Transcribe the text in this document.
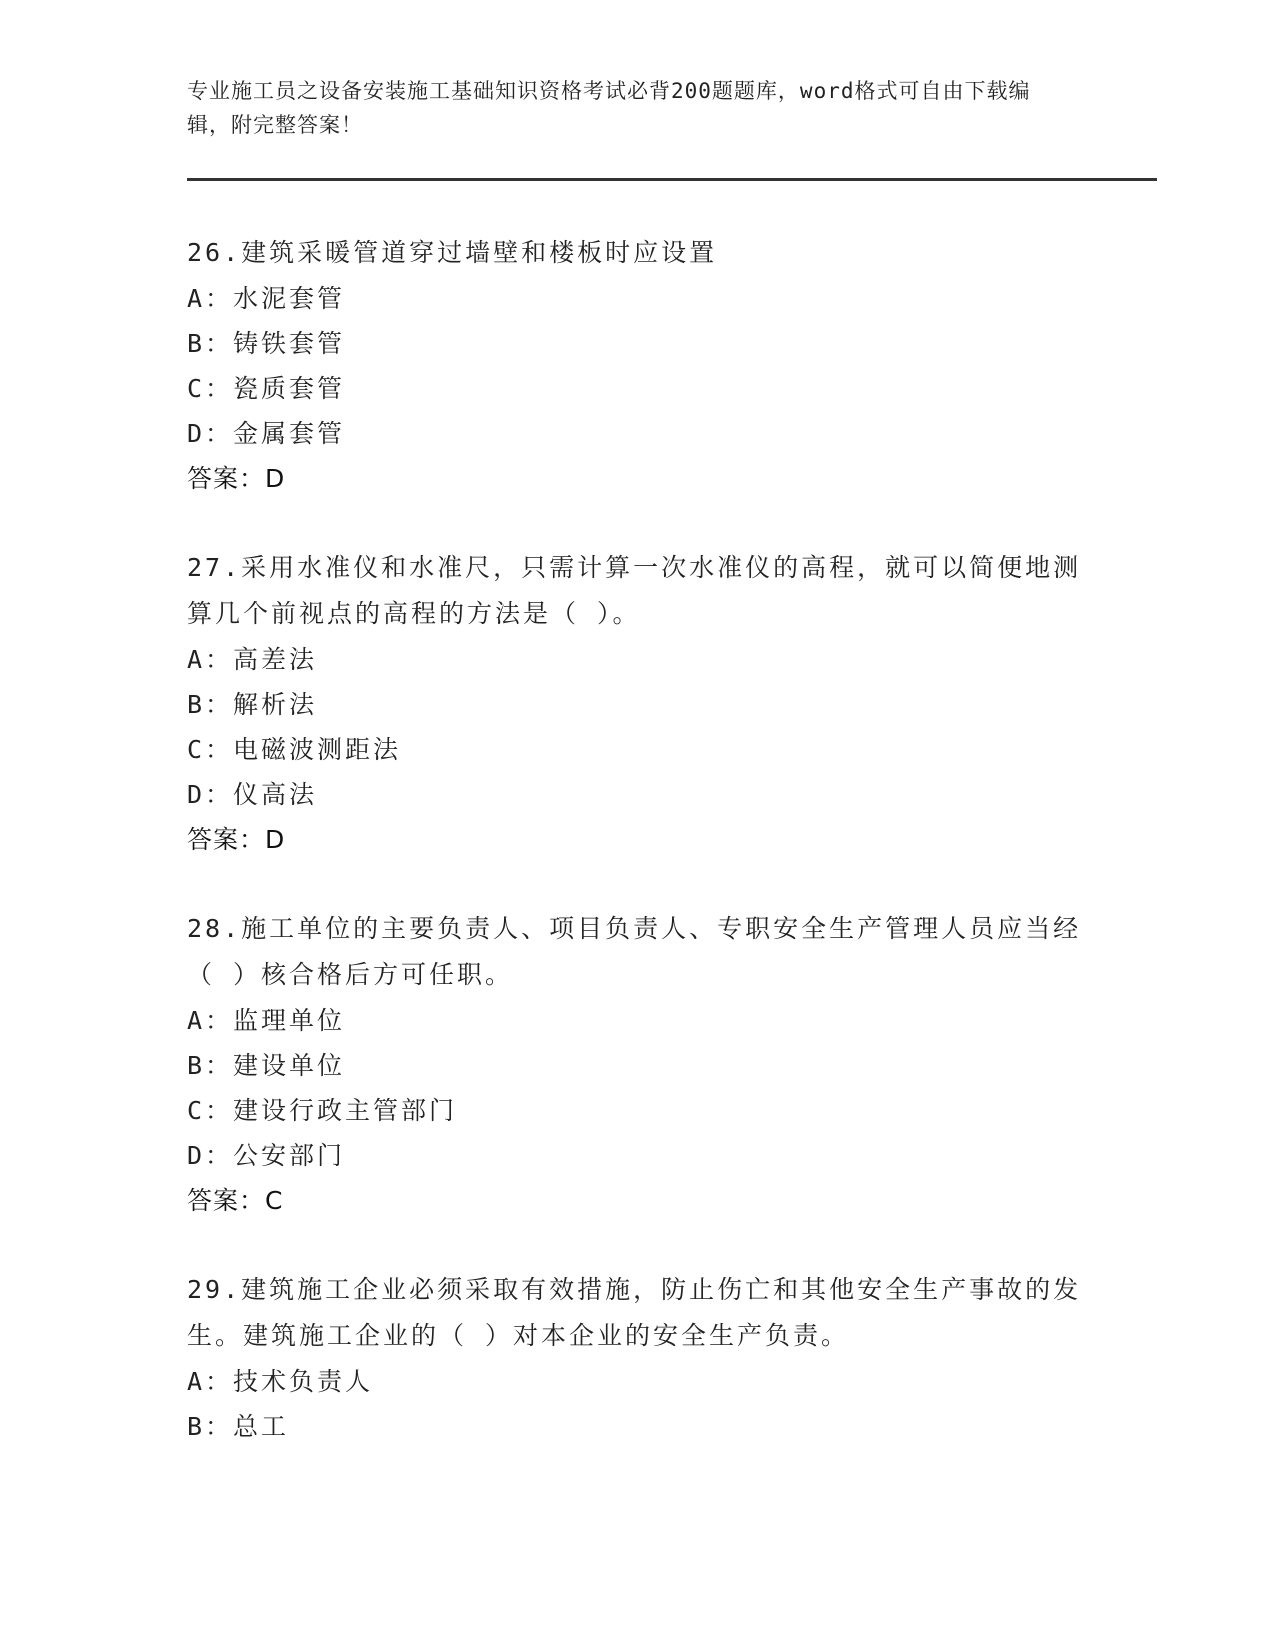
专业施工员之设备安装施工基础知识资格考试必背200题题库，word格式可自由下载编辑，附完整答案！
26.建筑采暖管道穿过墙壁和楼板时应设置
A：水泥套管
B：铸铁套管
C：瓷质套管
D：金属套管
答案：D
27.采用水准仪和水准尺，只需计算一次水准仪的高程，就可以简便地测算几个前视点的高程的方法是（ ）。
A：高差法
B：解析法
C：电磁波测距法
D：仪高法
答案：D
28.施工单位的主要负责人、项目负责人、专职安全生产管理人员应当经（ ）核合格后方可任职。
A：监理单位
B：建设单位
C：建设行政主管部门
D：公安部门
答案：C
29.建筑施工企业必须采取有效措施，防止伤亡和其他安全生产事故的发生。建筑施工企业的（ ）对本企业的安全生产负责。
A：技术负责人
B：总工
